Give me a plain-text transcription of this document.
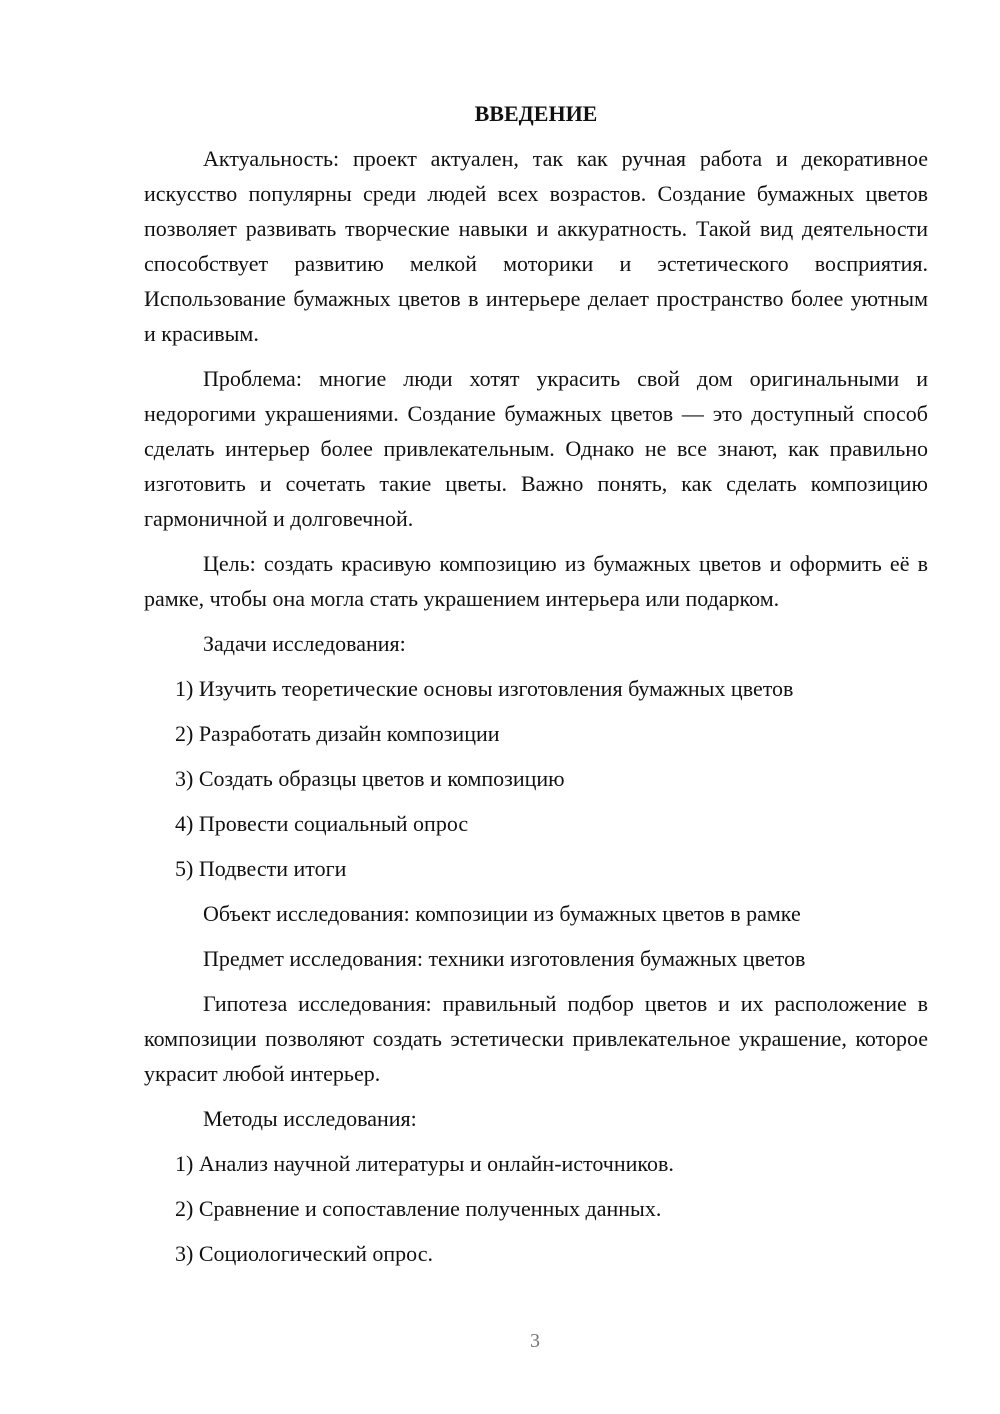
ВВЕДЕНИЕ

Актуальность: проект актуален, так как ручная работа и декоративное искусство популярны среди людей всех возрастов. Создание бумажных цветов позволяет развивать творческие навыки и аккуратность. Такой вид деятельности способствует развитию мелкой моторики и эстетического восприятия. Использование бумажных цветов в интерьере делает пространство более уютным и красивым.

Проблема: многие люди хотят украсить свой дом оригинальными и недорогими украшениями. Создание бумажных цветов — это доступный способ сделать интерьер более привлекательным. Однако не все знают, как правильно изготовить и сочетать такие цветы. Важно понять, как сделать композицию гармоничной и долговечной.

Цель: создать красивую композицию из бумажных цветов и оформить её в рамке, чтобы она могла стать украшением интерьера или подарком.

Задачи исследования:

1) Изучить теоретические основы изготовления бумажных цветов
2) Разработать дизайн композиции
3) Создать образцы цветов и композицию
4) Провести социальный опрос
5) Подвести итоги

Объект исследования: композиции из бумажных цветов в рамке

Предмет исследования: техники изготовления бумажных цветов

Гипотеза исследования: правильный подбор цветов и их расположение в композиции позволяют создать эстетически привлекательное украшение, которое украсит любой интерьер.

Методы исследования:

1) Анализ научной литературы и онлайн-источников.
2) Сравнение и сопоставление полученных данных.
3) Социологический опрос.
3
